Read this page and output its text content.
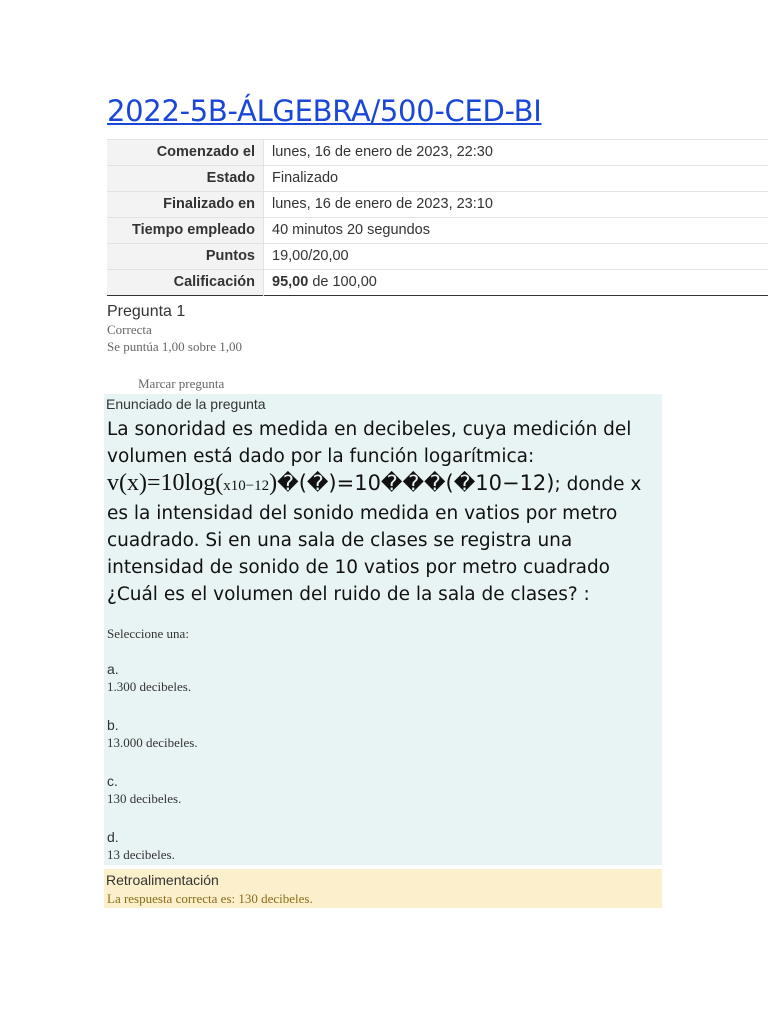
2022-5B-ÁLGEBRA/500-CED-BI
Comenzado el	lunes, 16 de enero de 2023, 22:30
Estado	Finalizado
Finalizado en	lunes, 16 de enero de 2023, 23:10
Tiempo empleado	40 minutos 20 segundos
Puntos	19,00/20,00
Calificación	95,00 de 100,00
Pregunta 1
Correcta
Se puntúa 1,00 sobre 1,00
Marcar pregunta
Enunciado de la pregunta
La sonoridad es medida en decibeles, cuya medición del volumen está dado por la función logarítmica: v(x)=10log(x10−12)�(�)=10���(�10−12); donde x es la intensidad del sonido medida en vatios por metro cuadrado. Si en una sala de clases se registra una intensidad de sonido de 10 vatios por metro cuadrado ¿Cuál es el volumen del ruido de la sala de clases? :
Seleccione una:
a.
1.300 decibeles.
b.
13.000 decibeles.
c.
130 decibeles.
d.
13 decibeles.
Retroalimentación
La respuesta correcta es: 130 decibeles.
